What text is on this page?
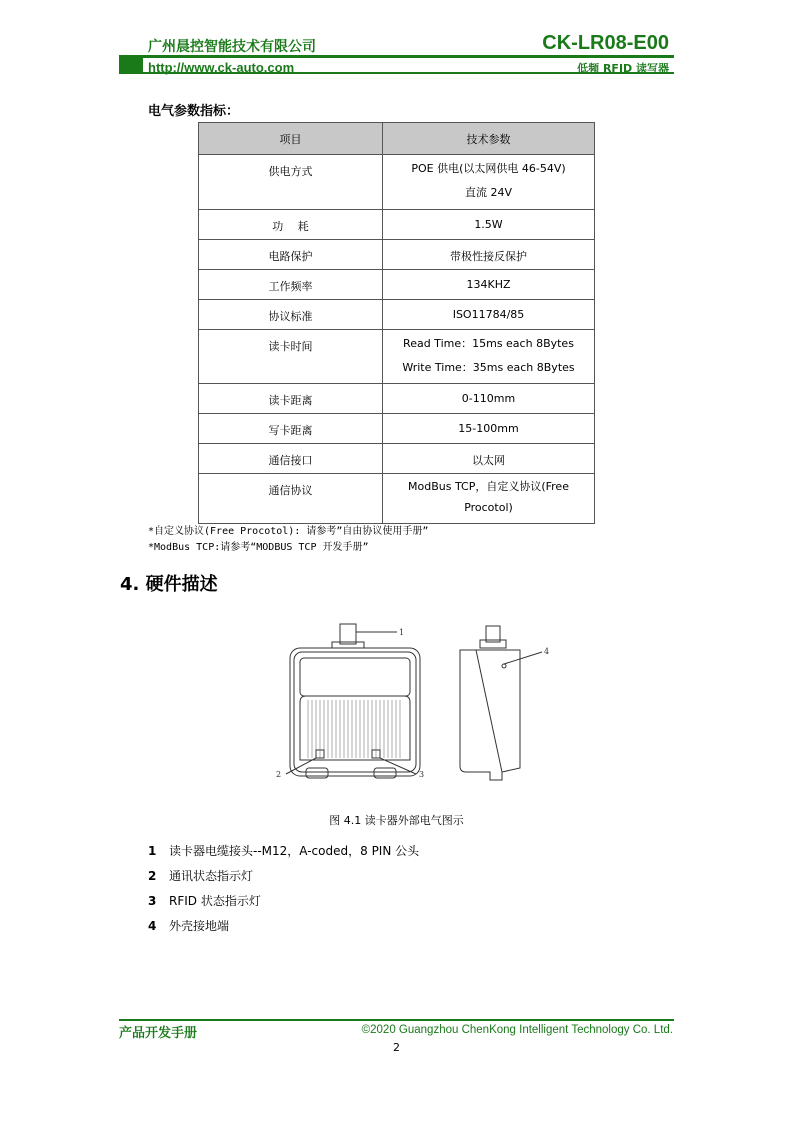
广州晨控智能技术有限公司	CK-LR08-E00
http://www.ck-auto.com	低频 RFID 读写器
电气参数指标：
项目	技术参数
供电方式	POE 供电(以太网供电 46-54V)
直流 24V

功　 耗	1.5W
电路保护	带极性接反保护
工作频率	134KHZ
协议标准	ISO11784/85
读卡时间	Read Time：15ms each 8Bytes
Write Time：35ms each 8Bytes

读卡距离	0-110mm
写卡距离	15-100mm
通信接口	以太网
通信协议	ModBus TCP，自定义协议(Free
Procotol)
*自定义协议(Free Procotol): 请参考”自由协议使用手册”
*ModBus TCP:请参考“MODBUS TCP 开发手册”
4. 硬件描述
1
2	3
4
图 4.1 读卡器外部电气图示
1 读卡器电缆接头--M12，A-coded，8 PIN 公头
2 通讯状态指示灯
3 RFID 状态指示灯
4 外壳接地端
产品开发手册	©2020 Guangzhou ChenKong Intelligent Technology Co. Ltd.
2
